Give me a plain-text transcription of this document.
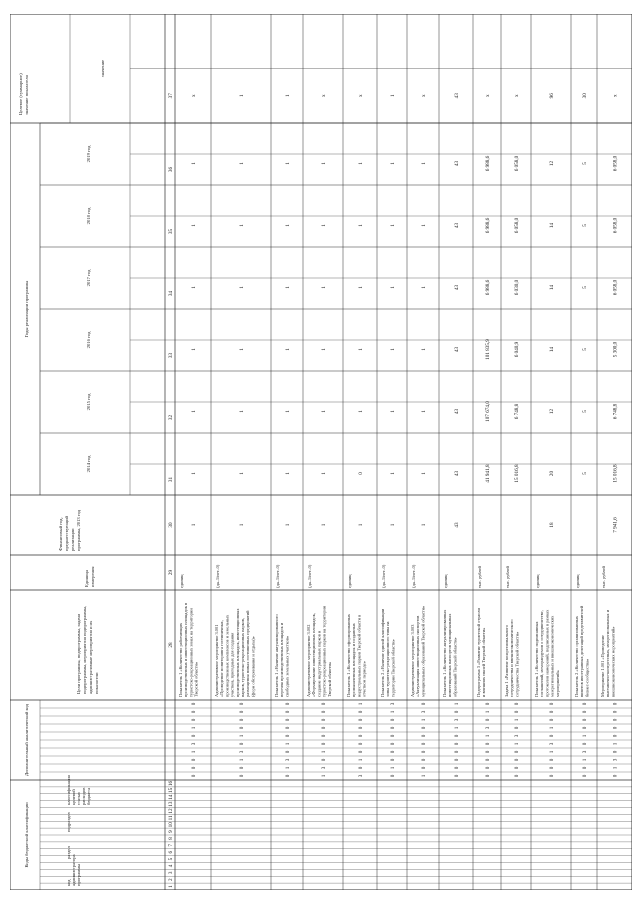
Коды бюджетной классификации
Дополнительный аналитический код
Цели программы, подпрограммы, задачиподпрограммы, мероприятия подпрограммы,административные мероприятия и ихпоказатели
Единицаизмерения
Финансовый год,предшествующийреализациипрограммы, 2013 год
Годы реализации программы
Целевое (суммарное)значение показателя
значение
2014 год
2015 год
2016 год
2017 год
2018 год
2019 год
кодадминистраторапрограммы
раздел
подраздел
классификацияцелевойстатьирасходовбюджета
28
29
30
31
32
33
34
35
36
37
1
2
3
4
5
6
7
8
9
10
11
12
13
14
15
16
Показатель 1 «Количество работающихпроизводственных и инвестиционных площадок втуристско-рекреационных зонах на территорииТверской области»
единиц
1
1
1
1
1
1
1
х
0
0
0
1
3
0
1
0
0
0
Административное мероприятие 3.001«Проведение мониторинга гостиничных,производственных комплексов и земельныхучастков, пригодных для созданияпроизводственных площадок, инвестиционныхпарков, туристско-рекреационных парков,размещения новых гостиничных предприятий(форм обслуживания и отдыха)»
(да–1/нет–0)
1
1
1
1
1
1
1
1
0
0
1
3
0
1
0
0
0
0
Показатель 1 «Наличие актуализированногоперечня производственных площадок исвободных земельных участков»
(да–1/нет–0)
1
1
1
1
1
1
1
1
0
1
3
0
1
0
0
0
0
0
Административное мероприятие 3.002«Формирование инвестиционных площадок,создание индустриальных парков итуристско-рекреационных парков на территорииТверской области»
(да–1/нет–0)
1
1
1
1
1
1
1
х
1
3
0
1
0
0
0
0
0
0
Показатель 1 «Количество сформированныхпромышленных площадок и созданныхиндустриальных парков Тверской области вотчетном периоде»
единиц
1
0
1
1
1
1
1
х
3
0
1
0
0
0
0
0
0
1
Показатель 2 «Наличие единой классификациизоны туристско-рекреационного типа натерритории Тверской области»
(да–1/нет–0)
1
1
1
1
1
1
1
1
0
1
0
0
0
0
0
0
1
3
Административное мероприятие 3.003«Актуализация инвестиционных паспортовмуниципальных образований Тверской области»
(да–1/нет–0)
1
1
1
1
1
1
1
х
1
0
0
0
0
0
0
1
3
0
Показатель 1 «Количество актуализированныхинвестиционных паспортов муниципальныхобразований Тверской области»
единиц
43
43
43
43
43
43
43
43
0
0
0
0
0
0
1
3
0
1
Подпрограмма 3 «Развитие туристской отраслии внешних связей Тверской области»
тыс. рублей
41 941,8
107 674,0
101 835,9
6 988,6
6 988,6
6 988,6
х
0
0
0
0
0
1
3
0
1
0
Задача 1 «Развитие межрегиональногосотрудничества и внешнеэкономическогосотрудничества Тверской области»
тыс. рублей
15 016,8
6 748,8
6 040,9
6 030,0
6 058,0
6 058,0
х
0
0
0
0
1
3
0
1
0
0
Показатель 1 «Количество подписанныхсоглашений, меморандумов о сотрудничестве,протоколов намерений, подписанных в рамкахмежрегиональных и внешнеэкономическихмероприятий»
единиц
18
20
12
14
14
14
12
96
0
0
0
1
3
0
1
0
0
0
Показатель 2 «Количество организованныхвизитов иностранных делегаций представителейбизнес-сообщества»
единиц
5
5
5
5
5
5
30
0
0
1
3
0
1
0
0
0
0
Мероприятие 1.001 «Проведениевыставочно-конгрессных, межрегиональных ивнешнеэкономических мероприятий»
тыс. рублей
7 941,6
15 016,8
6 748,8
5 300,0
6 058,0
6 058,0
6 058,0
х
0
1
3
0
1
0
0
0
0
0
